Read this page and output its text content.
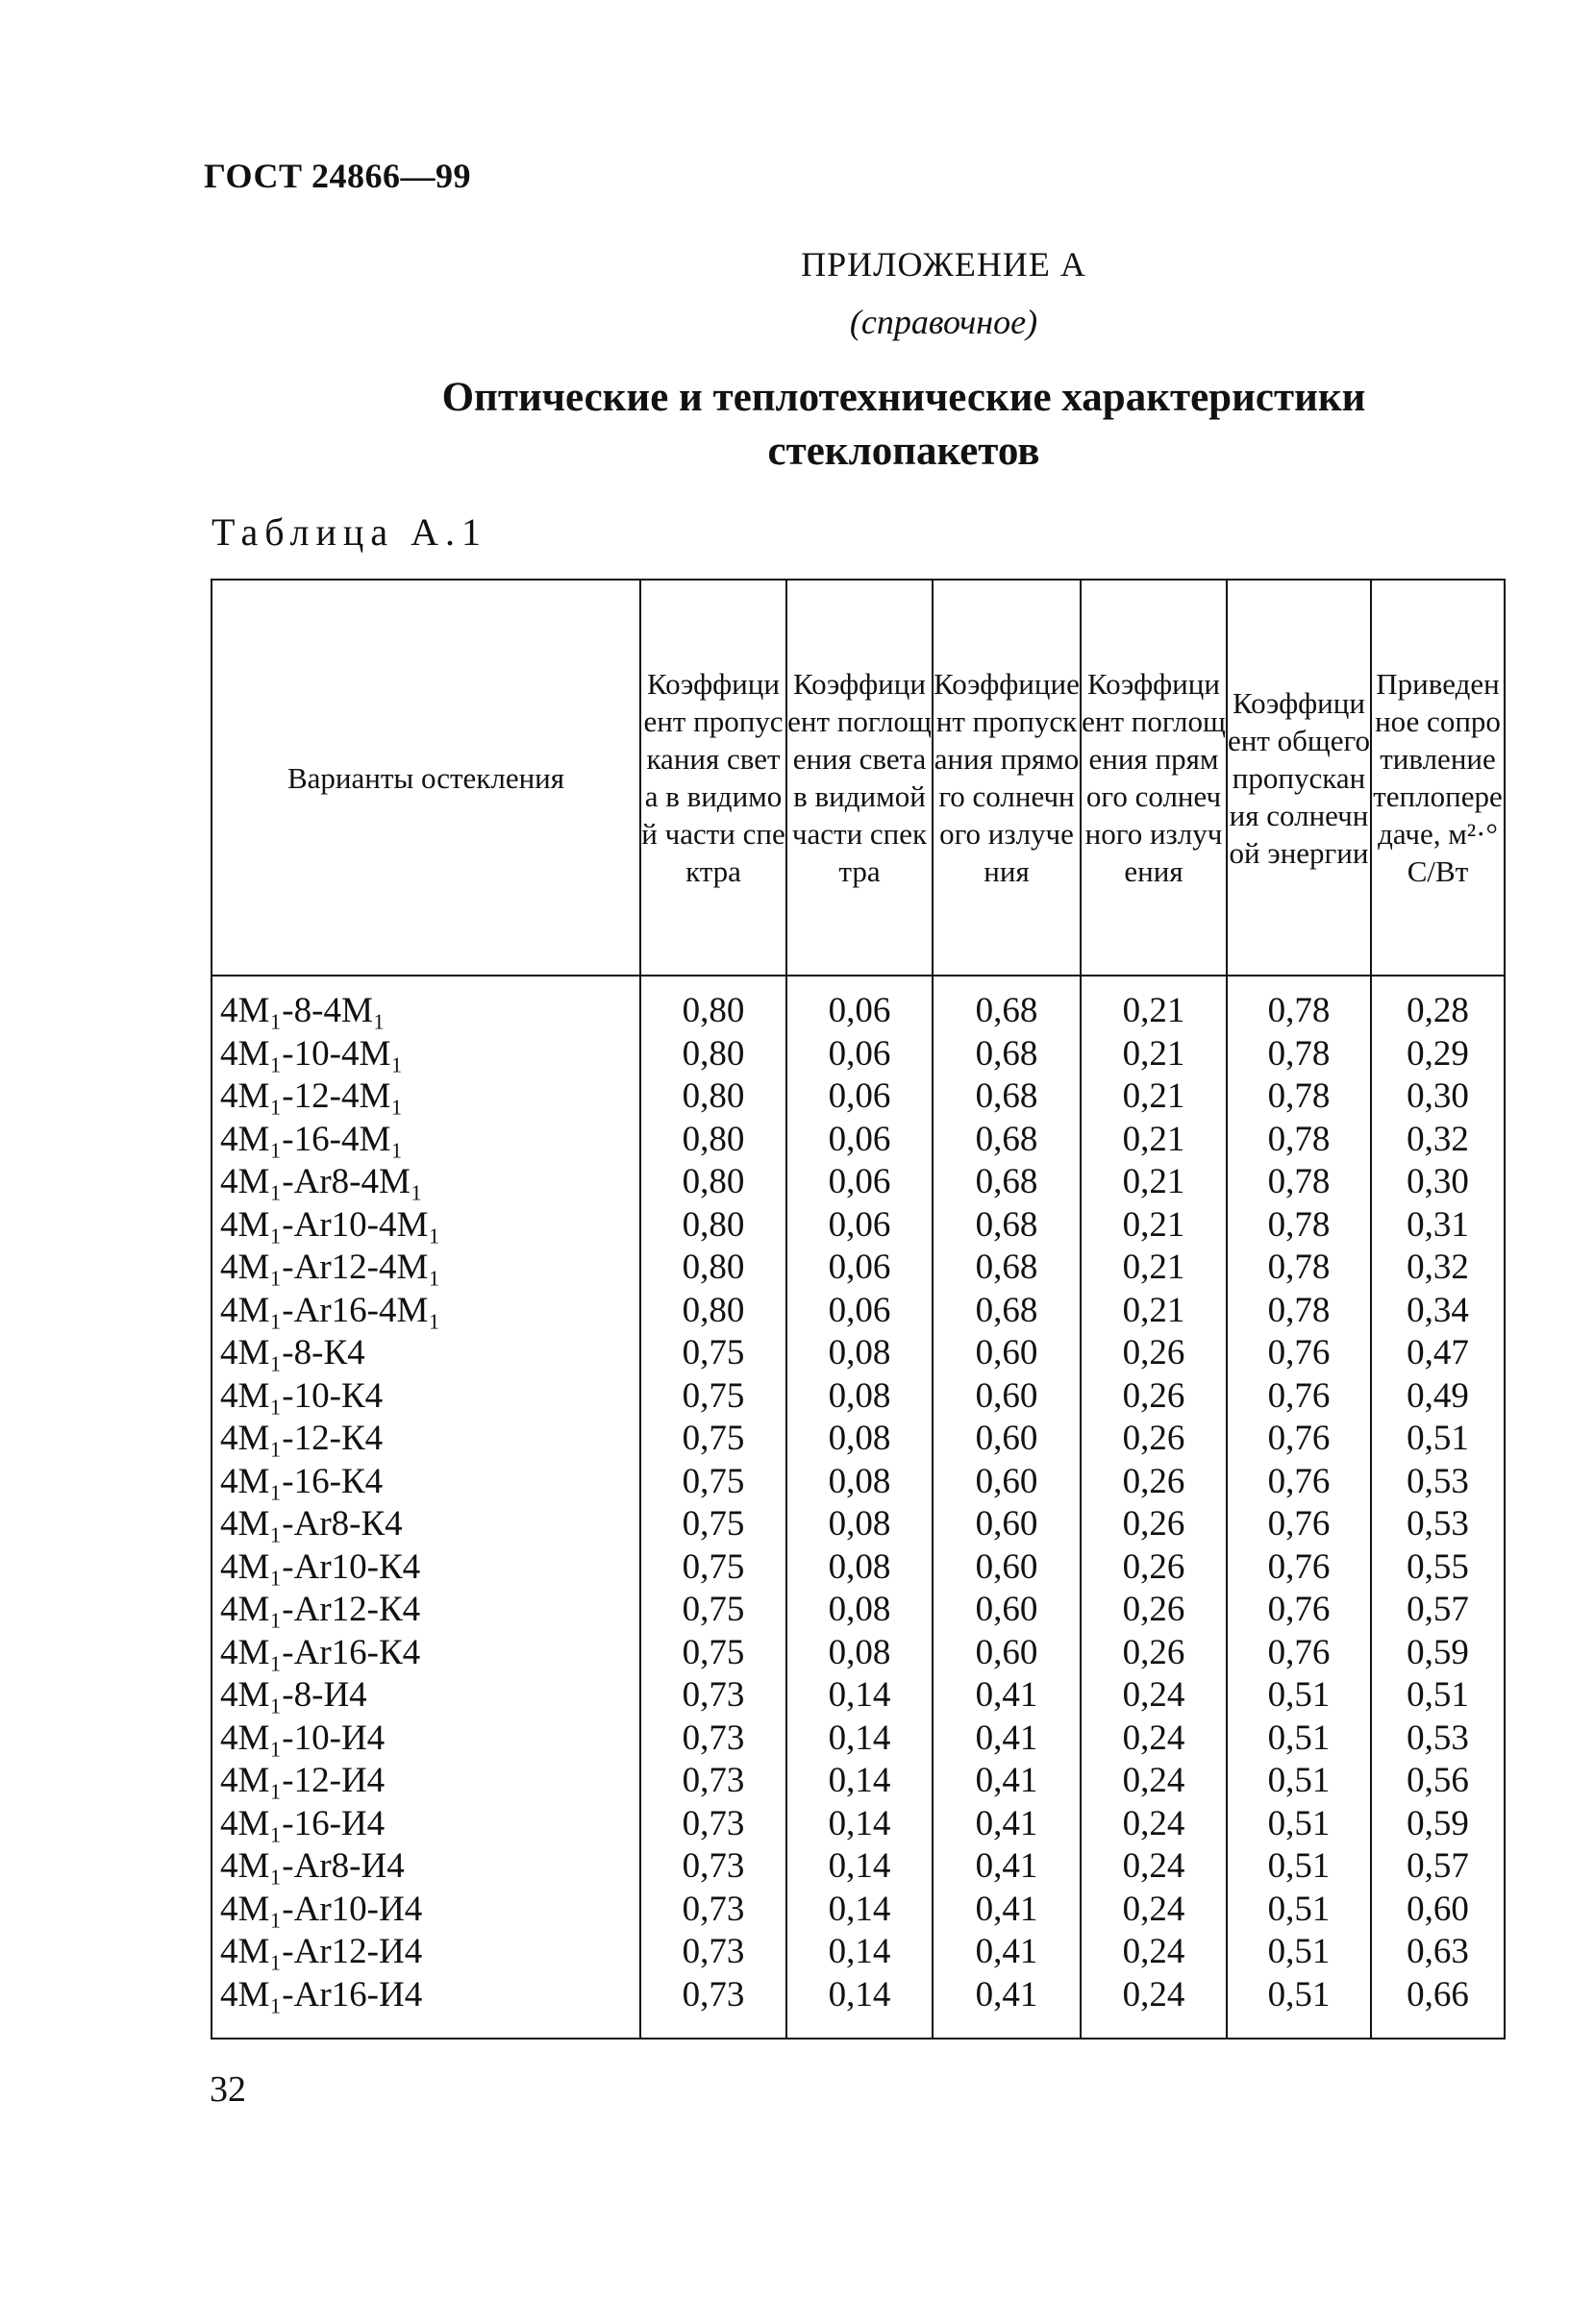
ГОСТ 24866—99
ПРИЛОЖЕНИЕ А
(справочное)
Оптические и теплотехнические характеристики стеклопакетов
Таблица А.1
Варианты остекления	Коэффициент пропускания света в видимой части спектра	Коэффициент поглощения света в видимой части спектра	Коэффициент пропускания прямого солнечного излучения	Коэффициент поглощения прямого солнечного излучения	Коэффициент общего пропускания солнечной энергии	Приведенное сопротивление теплопередаче, м²·°С/Вт
4М₁-8-4М₁	0,80	0,06	0,68	0,21	0,78	0,28
4М₁-10-4М₁	0,80	0,06	0,68	0,21	0,78	0,29
4М₁-12-4М₁	0,80	0,06	0,68	0,21	0,78	0,30
4М₁-16-4М₁	0,80	0,06	0,68	0,21	0,78	0,32
4М₁-Ar8-4М₁	0,80	0,06	0,68	0,21	0,78	0,30
4М₁-Ar10-4М₁	0,80	0,06	0,68	0,21	0,78	0,31
4М₁-Ar12-4М₁	0,80	0,06	0,68	0,21	0,78	0,32
4М₁-Ar16-4М₁	0,80	0,06	0,68	0,21	0,78	0,34
4М₁-8-К4	0,75	0,08	0,60	0,26	0,76	0,47
4М₁-10-К4	0,75	0,08	0,60	0,26	0,76	0,49
4М₁-12-К4	0,75	0,08	0,60	0,26	0,76	0,51
4М₁-16-К4	0,75	0,08	0,60	0,26	0,76	0,53
4М₁-Ar8-К4	0,75	0,08	0,60	0,26	0,76	0,53
4М₁-Ar10-К4	0,75	0,08	0,60	0,26	0,76	0,55
4М₁-Ar12-К4	0,75	0,08	0,60	0,26	0,76	0,57
4М₁-Ar16-К4	0,75	0,08	0,60	0,26	0,76	0,59
4М₁-8-И4	0,73	0,14	0,41	0,24	0,51	0,51
4М₁-10-И4	0,73	0,14	0,41	0,24	0,51	0,53
4М₁-12-И4	0,73	0,14	0,41	0,24	0,51	0,56
4М₁-16-И4	0,73	0,14	0,41	0,24	0,51	0,59
4М₁-Ar8-И4	0,73	0,14	0,41	0,24	0,51	0,57
4М₁-Ar10-И4	0,73	0,14	0,41	0,24	0,51	0,60
4М₁-Ar12-И4	0,73	0,14	0,41	0,24	0,51	0,63
4М₁-Ar16-И4	0,73	0,14	0,41	0,24	0,51	0,66
32
